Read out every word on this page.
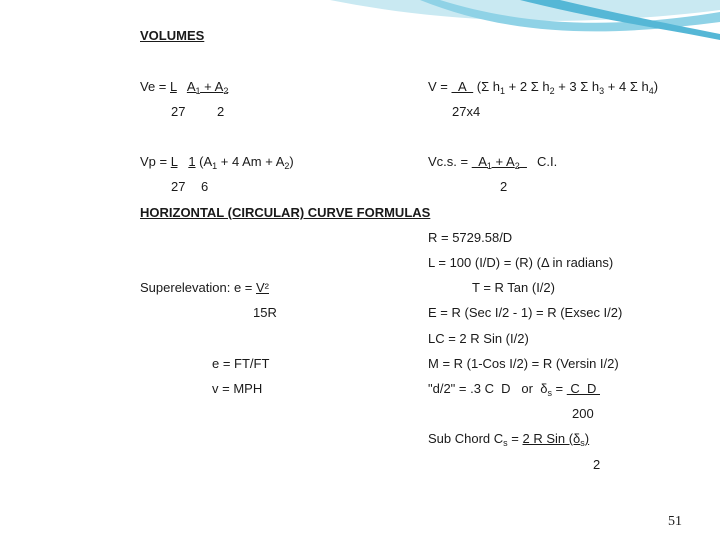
VOLUMES
Ve = L $A_1 + A_2$
27 2
V =   A   (Σ $h_1 + 2$ Σ $h_2 + 3$ Σ $h_3 + 4$ Σ $h_4$)
27x4
Vp = L 1 ($A_1 + 4$ $Am + A_2$)
27 6
Vc.s. =   $A_1 + A_2$ C.I.
2
HORIZONTAL (CIRCULAR) CURVE FORMULAS
R = 5729.58/D
L = 100 (I/D) = (R) (Δ in radians)
Superelevation: e = V²
15R
T = R Tan (I/2)
E = R (Sec I/2 - 1) = R (Exsec I/2)
LC = 2 R Sin (I/2)
e = FT/FT	M = R (1-Cos I/2) = R (Versin I/2)
v = MPH	"d/2" = .3 C  D   or  $\delta_s = C$  D
200
Sub Chord $C_s = 2$ R Sin $(\delta_s)$
2
51
